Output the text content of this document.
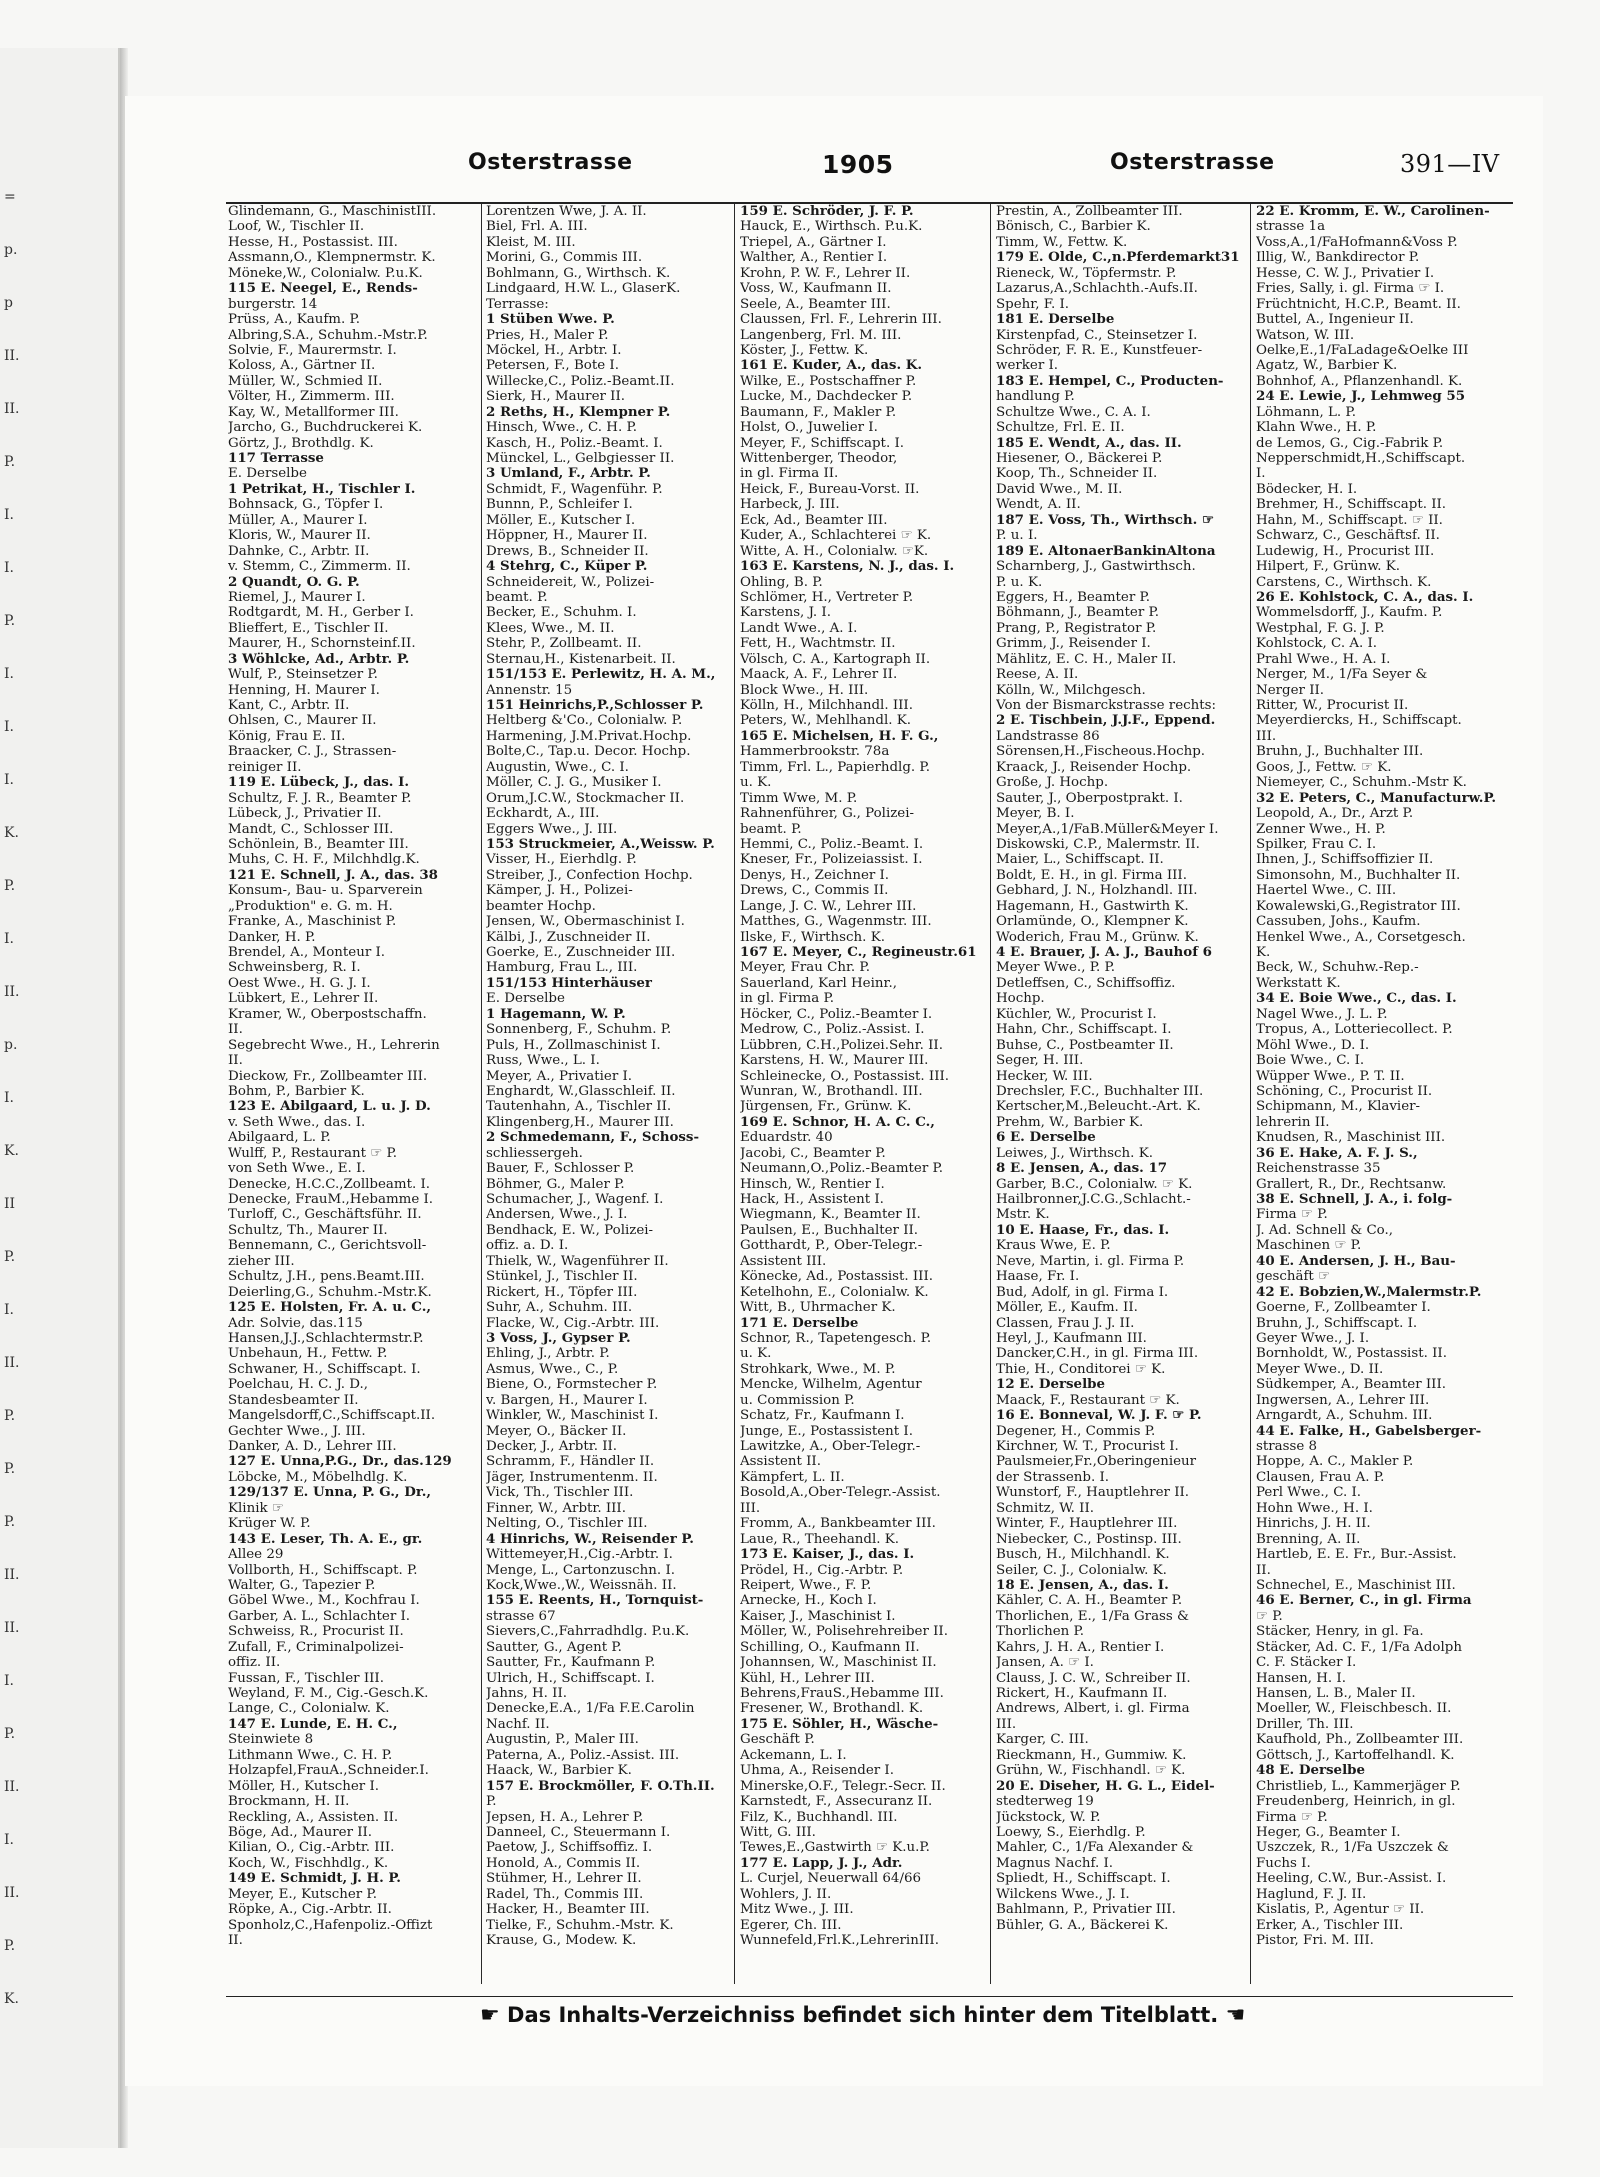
=
p.
p
II.
II.
P.
I.
I.
P.
I.
I.
I.
K.
P.
I.
II.
p.
I.
K.
II
P.
I.
II.
P.
P.
P.
II.
II.
I.
P.
II.
I.
II.
P.
K.
Osterstrasse	1905	Osterstrasse	391—IV
Glindemann, G., MaschinistIII.
Loof, W., Tischler II.
Hesse, H., Postassist. III.
Assmann,O., Klempnermstr. K.
Möneke,W., Colonialw. P.u.K.
115 E. Neegel, E., Rends-
burgerstr. 14
Prüss, A., Kaufm. P.
Albring,S.A., Schuhm.-Mstr.P.
Solvie, F., Maurermstr. I.
Koloss, A., Gärtner II.
Müller, W., Schmied II.
Völter, H., Zimmerm. III.
Kay, W., Metallformer III.
Jarcho, G., Buchdruckerei K.
Görtz, J., Brothdlg. K.
117 Terrasse
E. Derselbe
1 Petrikat, H., Tischler I.
Bohnsack, G., Töpfer I.
Müller, A., Maurer I.
Kloris, W., Maurer II.
Dahnke, C., Arbtr. II.
v. Stemm, C., Zimmerm. II.
2 Quandt, O. G. P.
Riemel, J., Maurer I.
Rodtgardt, M. H., Gerber I.
Blieffert, E., Tischler II.
Maurer, H., Schornsteinf.II.
3 Wöhlcke, Ad., Arbtr. P.
Wulf, P., Steinsetzer P.
Henning, H. Maurer I.
Kant, C., Arbtr. II.
Ohlsen, C., Maurer II.
König, Frau E. II.
Braacker, C. J., Strassen-
reiniger II.
119 E. Lübeck, J., das. I.
Schultz, F. J. R., Beamter P.
Lübeck, J., Privatier II.
Mandt, C., Schlosser III.
Schönlein, B., Beamter III.
Muhs, C. H. F., Milchhdlg.K.
121 E. Schnell, J. A., das. 38
Konsum-, Bau- u. Sparverein
„Produktion" e. G. m. H.
Franke, A., Maschinist P.
Danker, H. P.
Brendel, A., Monteur I.
Schweinsberg, R. I.
Oest Wwe., H. G. J. I.
Lübkert, E., Lehrer II.
Kramer, W., Oberpostschaffn.
II.
Segebrecht Wwe., H., Lehrerin
II.
Dieckow, Fr., Zollbeamter III.
Bohm, P., Barbier K.
123 E. Abilgaard, L. u. J. D.
v. Seth Wwe., das. I.
Abilgaard, L. P.
Wulff, P., Restaurant ☞ P.
von Seth Wwe., E. I.
Denecke, H.C.C.,Zollbeamt. I.
Denecke, FrauM.,Hebamme I.
Turloff, C., Geschäftsführ. II.
Schultz, Th., Maurer II.
Bennemann, C., Gerichtsvoll-
zieher III.
Schultz, J.H., pens.Beamt.III.
Deierling,G., Schuhm.-Mstr.K.
125 E. Holsten, Fr. A. u. C.,
Adr. Solvie, das.115
Hansen,J.J.,Schlachtermstr.P.
Unbehaun, H., Fettw. P.
Schwaner, H., Schiffscapt. I.
Poelchau, H. C. J. D.,
Standesbeamter II.
Mangelsdorff,C.,Schiffscapt.II.
Gechter Wwe., J. III.
Danker, A. D., Lehrer III.
127 E. Unna,P.G., Dr., das.129
Löbcke, M., Möbelhdlg. K.
129/137 E. Unna, P. G., Dr.,
Klinik ☞
Krüger W. P.
143 E. Leser, Th. A. E., gr.
Allee 29
Vollborth, H., Schiffscapt. P.
Walter, G., Tapezier P.
Göbel Wwe., M., Kochfrau I.
Garber, A. L., Schlachter I.
Schweiss, R., Procurist II.
Zufall, F., Criminalpolizei-
offiz. II.
Fussan, F., Tischler III.
Weyland, F. M., Cig.-Gesch.K.
Lange, C., Colonialw. K.
147 E. Lunde, E. H. C.,
Steinwiete 8
Lithmann Wwe., C. H. P.
Holzapfel,FrauA.,Schneider.I.
Möller, H., Kutscher I.
Brockmann, H. II.
Reckling, A., Assisten. II.
Böge, Ad., Maurer II.
Kilian, O., Cig.-Arbtr. III.
Koch, W., Fischhdlg., K.
149 E. Schmidt, J. H. P.
Meyer, E., Kutscher P.
Röpke, A., Cig.-Arbtr. II.
Sponholz,C.,Hafenpoliz.-Offizt
II.
Lorentzen Wwe, J. A. II.
Biel, Frl. A. III.
Kleist, M. III.
Morini, G., Commis III.
Bohlmann, G., Wirthsch. K.
Lindgaard, H.W. L., GlaserK.
Terrasse:
1 Stüben Wwe. P.
Pries, H., Maler P.
Möckel, H., Arbtr. I.
Petersen, F., Bote I.
Willecke,C., Poliz.-Beamt.II.
Sierk, H., Maurer II.
2 Reths, H., Klempner P.
Hinsch, Wwe., C. H. P.
Kasch, H., Poliz.-Beamt. I.
Münckel, L., Gelbgiesser II.
3 Umland, F., Arbtr. P.
Schmidt, F., Wagenführ. P.
Bunnn, P., Schleifer I.
Möller, E., Kutscher I.
Höppner, H., Maurer II.
Drews, B., Schneider II.
4 Stehrg, C., Küper P.
Schneidereit, W., Polizei-
beamt. P.
Becker, E., Schuhm. I.
Klees, Wwe., M. II.
Stehr, P., Zollbeamt. II.
Sternau,H., Kistenarbeit. II.
151/153 E. Perlewitz, H. A. M.,
Annenstr. 15
151 Heinrichs,P.,Schlosser P.
Heltberg &'Co., Colonialw. P.
Harmening, J.M.Privat.Hochp.
Bolte,C., Tap.u. Decor. Hochp.
Augustin, Wwe., C. I.
Möller, C. J. G., Musiker I.
Örum,J.C.W., Stockmacher II.
Eckhardt, A., III.
Eggers Wwe., J. III.
153 Struckmeier, A.,Weissw. P.
Visser, H., Eierhdlg. P.
Streiber, J., Confection Hochp.
Kämper, J. H., Polizei-
beamter Hochp.
Jensen, W., Obermaschinist I.
Kälbi, J., Zuschneider II.
Goerke, E., Zuschneider III.
Hamburg, Frau L., III.
151/153 Hinterhäuser
E. Derselbe
1 Hagemann, W. P.
Sonnenberg, F., Schuhm. P.
Puls, H., Zollmaschinist I.
Russ, Wwe., L. I.
Meyer, A., Privatier I.
Enghardt, W.,Glasschleif. II.
Tautenhahn, A., Tischler II.
Klingenberg,H., Maurer III.
2 Schmedemann, F., Schoss-
schliessergeh.
Bauer, F., Schlosser P.
Böhmer, G., Maler P.
Schumacher, J., Wagenf. I.
Andersen, Wwe., J. I.
Bendhack, E. W., Polizei-
offiz. a. D. I.
Thielk, W., Wagenführer II.
Stünkel, J., Tischler II.
Rickert, H., Töpfer III.
Suhr, A., Schuhm. III.
Flacke, W., Cig.-Arbtr. III.
3 Voss, J., Gypser P.
Ehling, J., Arbtr. P.
Asmus, Wwe., C., P.
Biene, O., Formstecher P.
v. Bargen, H., Maurer I.
Winkler, W., Maschinist I.
Meyer, O., Bäcker II.
Decker, J., Arbtr. II.
Schramm, F., Händler II.
Jäger, Instrumentenm. II.
Vick, Th., Tischler III.
Finner, W., Arbtr. III.
Nelting, O., Tischler III.
4 Hinrichs, W., Reisender P.
Wittemeyer,H.,Cig.-Arbtr. I.
Menge, L., Cartonzuschn. I.
Kock,Wwe.,W., Weissnäh. II.
155 E. Reents, H., Tornquist-
strasse 67
Sievers,C.,Fahrradhdlg. P.u.K.
Sautter, G., Agent P.
Sautter, Fr., Kaufmann P.
Ulrich, H., Schiffscapt. I.
Jahns, H. II.
Denecke,E.A., 1/Fa F.E.Carolin
Nachf. II.
Augustin, P., Maler III.
Paterna, A., Poliz.-Assist. III.
Haack, W., Barbier K.
157 E. Brockmöller, F. O.Th.II.
P.
Jepsen, H. A., Lehrer P.
Danneel, C., Steuermann I.
Paetow, J., Schiffsoffiz. I.
Honold, A., Commis II.
Stühmer, H., Lehrer II.
Radel, Th., Commis III.
Hacker, H., Beamter III.
Tielke, F., Schuhm.-Mstr. K.
Krause, G., Modew. K.
159 E. Schröder, J. F. P.
Hauck, E., Wirthsch. P.u.K.
Triepel, A., Gärtner I.
Walther, A., Rentier I.
Krohn, P. W. F., Lehrer II.
Voss, W., Kaufmann II.
Seele, A., Beamter III.
Claussen, Frl. F., Lehrerin III.
Langenberg, Frl. M. III.
Köster, J., Fettw. K.
161 E. Kuder, A., das. K.
Wilke, E., Postschaffner P.
Lucke, M., Dachdecker P.
Baumann, F., Makler P.
Holst, O., Juwelier I.
Meyer, F., Schiffscapt. I.
Wittenberger, Theodor,
in gl. Firma II.
Heick, F., Bureau-Vorst. II.
Harbeck, J. III.
Eck, Ad., Beamter III.
Kuder, A., Schlachterei ☞ K.
Witte, A. H., Colonialw. ☞K.
163 E. Karstens, N. J., das. I.
Ohling, B. P.
Schlömer, H., Vertreter P.
Karstens, J. I.
Landt Wwe., A. I.
Fett, H., Wachtmstr. II.
Völsch, C. A., Kartograph II.
Maack, A. F., Lehrer II.
Block Wwe., H. III.
Kölln, H., Milchhandl. III.
Peters, W., Mehlhandl. K.
165 E. Michelsen, H. F. G.,
Hammerbrookstr. 78a
Timm, Frl. L., Papierhdlg. P.
u. K.
Timm Wwe, M. P.
Rahnenführer, G., Polizei-
beamt. P.
Hemmi, C., Poliz.-Beamt. I.
Kneser, Fr., Polizeiassist. I.
Denys, H., Zeichner I.
Drews, C., Commis II.
Lange, J. C. W., Lehrer III.
Matthes, G., Wagenmstr. III.
Ilske, F., Wirthsch. K.
167 E. Meyer, C., Regineustr.61
Meyer, Frau Chr. P.
Sauerland, Karl Heinr.,
in gl. Firma P.
Höcker, C., Poliz.-Beamter I.
Medrow, C., Poliz.-Assist. I.
Lübbren, C.H.,Polizei.Sehr. II.
Karstens, H. W., Maurer III.
Schleinecke, O., Postassist. III.
Wunran, W., Brothandl. III.
Jürgensen, Fr., Grünw. K.
169 E. Schnor, H. A. C. C.,
Eduardstr. 40
Jacobi, C., Beamter P.
Neumann,O.,Poliz.-Beamter P.
Hinsch, W., Rentier I.
Hack, H., Assistent I.
Wiegmann, K., Beamter II.
Paulsen, E., Buchhalter II.
Gotthardt, P., Ober-Telegr.-
Assistent III.
Könecke, Ad., Postassist. III.
Ketelhohn, E., Colonialw. K.
Witt, B., Uhrmacher K.
171 E. Derselbe
Schnor, R., Tapetengesch. P.
u. K.
Strohkark, Wwe., M. P.
Mencke, Wilhelm, Agentur
u. Commission P.
Schatz, Fr., Kaufmann I.
Junge, E., Postassistent I.
Lawitzke, A., Ober-Telegr.-
Assistent II.
Kämpfert, L. II.
Bosold,A.,Ober-Telegr.-Assist.
III.
Fromm, A., Bankbeamter III.
Laue, R., Theehandl. K.
173 E. Kaiser, J., das. I.
Prödel, H., Cig.-Arbtr. P.
Reipert, Wwe., F. P.
Arnecke, H., Koch I.
Kaiser, J., Maschinist I.
Möller, W., Polisehrehreiber II.
Schilling, O., Kaufmann II.
Johannsen, W., Maschinist II.
Kühl, H., Lehrer III.
Behrens,FrauS.,Hebamme III.
Fresener, W., Brothandl. K.
175 E. Söhler, H., Wäsche-
Geschäft P.
Ackemann, L. I.
Uhma, A., Reisender I.
Minerske,O.F., Telegr.-Secr. II.
Karnstedt, F., Assecuranz II.
Filz, K., Buchhandl. III.
Witt, G. III.
Tewes,E.,Gastwirth ☞ K.u.P.
177 E. Lapp, J. J., Adr.
L. Curjel, Neuerwall 64/66
Wohlers, J. II.
Mitz Wwe., J. III.
Egerer, Ch. III.
Wunnefeld,Frl.K.,LehrerinIII.
Prestin, A., Zollbeamter III.
Bönisch, C., Barbier K.
Timm, W., Fettw. K.
179 E. Olde, C.,n.Pferdemarkt31
Rieneck, W., Töpfermstr. P.
Lazarus,A.,Schlachth.-Aufs.II.
Spehr, F. I.
181 E. Derselbe
Kirstenpfad, C., Steinsetzer I.
Schröder, F. R. E., Kunstfeuer-
werker I.
183 E. Hempel, C., Producten-
handlung P.
Schultze Wwe., C. A. I.
Schultze, Frl. E. II.
185 E. Wendt, A., das. II.
Hiesener, O., Bäckerei P.
Koop, Th., Schneider II.
David Wwe., M. II.
Wendt, A. II.
187 E. Voss, Th., Wirthsch. ☞
P. u. I.
189 E. AltonaerBankinAltona
Scharnberg, J., Gastwirthsch.
P. u. K.
Eggers, H., Beamter P.
Böhmann, J., Beamter P.
Prang, P., Registrator P.
Grimm, J., Reisender I.
Mählitz, E. C. H., Maler II.
Reese, A. II.
Kölln, W., Milchgesch.
Von der Bismarckstrasse rechts:
2 E. Tischbein, J.J.F., Eppend.
Landstrasse 86
Sörensen,H.,Fischeous.Hochp.
Kraack, J., Reisender Hochp.
Große, J. Hochp.
Sauter, J., Oberpostprakt. I.
Meyer, B. I.
Meyer,A.,1/FaB.Müller&Meyer I.
Diskowski, C.P., Malermstr. II.
Maier, L., Schiffscapt. II.
Boldt, E. H., in gl. Firma III.
Gebhard, J. N., Holzhandl. III.
Hagemann, H., Gastwirth K.
Orlamünde, O., Klempner K.
Woderich, Frau M., Grünw. K.
4 E. Brauer, J. A. J., Bauhof 6
Meyer Wwe., P. P.
Detleffsen, C., Schiffsoffiz.
Hochp.
Küchler, W., Procurist I.
Hahn, Chr., Schiffscapt. I.
Buhse, C., Postbeamter II.
Seger, H. III.
Hecker, W. III.
Drechsler, F.C., Buchhalter III.
Kertscher,M.,Beleucht.-Art. K.
Prehm, W., Barbier K.
6 E. Derselbe
Leiwes, J., Wirthsch. K.
8 E. Jensen, A., das. 17
Garber, B.C., Colonialw. ☞ K.
Hailbronner,J.C.G.,Schlacht.-
Mstr. K.
10 E. Haase, Fr., das. I.
Kraus Wwe, E. P.
Neve, Martin, i. gl. Firma P.
Haase, Fr. I.
Bud, Adolf, in gl. Firma I.
Möller, E., Kaufm. II.
Classen, Frau J. J. II.
Heyl, J., Kaufmann III.
Dancker,C.H., in gl. Firma III.
Thie, H., Conditorei ☞ K.
12 E. Derselbe
Maack, F., Restaurant ☞ K.
16 E. Bonneval, W. J. F. ☞ P.
Degener, H., Commis P.
Kirchner, W. T., Procurist I.
Paulsmeier,Fr.,Oberingenieur
der Strassenb. I.
Wunstorf, F., Hauptlehrer II.
Schmitz, W. II.
Winter, F., Hauptlehrer III.
Niebecker, C., Postinsp. III.
Busch, H., Milchhandl. K.
Seiler, C. J., Colonialw. K.
18 E. Jensen, A., das. I.
Kähler, C. A. H., Beamter P.
Thorlichen, E., 1/Fa Grass &
Thorlichen P.
Kahrs, J. H. A., Rentier I.
Jansen, A. ☞ I.
Clauss, J. C. W., Schreiber II.
Rickert, H., Kaufmann II.
Andrews, Albert, i. gl. Firma
III.
Karger, C. III.
Rieckmann, H., Gummiw. K.
Grühn, W., Fischhandl. ☞ K.
20 E. Diseher, H. G. L., Eidel-
stedterweg 19
Jückstock, W. P.
Loewy, S., Eierhdlg. P.
Mahler, C., 1/Fa Alexander &
Magnus Nachf. I.
Spliedt, H., Schiffscapt. I.
Wilckens Wwe., J. I.
Bahlmann, P., Privatier III.
Bühler, G. A., Bäckerei K.
22 E. Kromm, E. W., Carolinen-
strasse 1a
Voss,A.,1/FaHofmann&Voss P.
Illig, W., Bankdirector P.
Hesse, C. W. J., Privatier I.
Fries, Sally, i. gl. Firma ☞ I.
Früchtnicht, H.C.P., Beamt. II.
Buttel, A., Ingenieur II.
Watson, W. III.
Oelke,E.,1/FaLadage&Oelke III
Agatz, W., Barbier K.
Bohnhof, A., Pflanzenhandl. K.
24 E. Lewie, J., Lehmweg 55
Löhmann, L. P.
Klahn Wwe., H. P.
de Lemos, G., Cig.-Fabrik P.
Nepperschmidt,H.,Schiffscapt.
I.
Bödecker, H. I.
Brehmer, H., Schiffscapt. II.
Hahn, M., Schiffscapt. ☞ II.
Schwarz, C., Geschäftsf. II.
Ludewig, H., Procurist III.
Hilpert, F., Grünw. K.
Carstens, C., Wirthsch. K.
26 E. Kohlstock, C. A., das. I.
Wommelsdorff, J., Kaufm. P.
Westphal, F. G. J. P.
Kohlstock, C. A. I.
Prahl Wwe., H. A. I.
Nerger, M., 1/Fa Seyer &
Nerger II.
Ritter, W., Procurist II.
Meyerdiercks, H., Schiffscapt.
III.
Bruhn, J., Buchhalter III.
Goos, J., Fettw. ☞ K.
Niemeyer, C., Schuhm.-Mstr K.
32 E. Peters, C., Manufacturw.P.
Leopold, A., Dr., Arzt P.
Zenner Wwe., H. P.
Spilker, Frau C. I.
Ihnen, J., Schiffsoffizier II.
Simonsohn, M., Buchhalter II.
Haertel Wwe., C. III.
Kowalewski,G.,Registrator III.
Cassuben, Johs., Kaufm.
Henkel Wwe., A., Corsetgesch.
K.
Beck, W., Schuhw.-Rep.-
Werkstatt K.
34 E. Boie Wwe., C., das. I.
Nagel Wwe., J. L. P.
Tropus, A., Lotteriecollect. P.
Möhl Wwe., D. I.
Boie Wwe., C. I.
Wüpper Wwe., P. T. II.
Schöning, C., Procurist II.
Schipmann, M., Klavier-
lehrerin II.
Knudsen, R., Maschinist III.
36 E. Hake, A. F. J. S.,
Reichenstrasse 35
Grallert, R., Dr., Rechtsanw.
38 E. Schnell, J. A., i. folg-
Firma ☞ P.
J. Ad. Schnell & Co.,
Maschinen ☞ P.
40 E. Andersen, J. H., Bau-
geschäft ☞
42 E. Bobzien,W.,Malermstr.P.
Goerne, F., Zollbeamter I.
Bruhn, J., Schiffscapt. I.
Geyer Wwe., J. I.
Bornholdt, W., Postassist. II.
Meyer Wwe., D. II.
Südkemper, A., Beamter III.
Ingwersen, A., Lehrer III.
Arngardt, A., Schuhm. III.
44 E. Falke, H., Gabelsberger-
strasse 8
Hoppe, A. C., Makler P.
Clausen, Frau A. P.
Perl Wwe., C. I.
Hohn Wwe., H. I.
Hinrichs, J. H. II.
Brenning, A. II.
Hartleb, E. E. Fr., Bur.-Assist.
II.
Schnechel, E., Maschinist III.
46 E. Berner, C., in gl. Firma
☞ P.
Stäcker, Henry, in gl. Fa.
Stäcker, Ad. C. F., 1/Fa Adolph
C. F. Stäcker I.
Hansen, H. I.
Hansen, L. B., Maler II.
Moeller, W., Fleischbesch. II.
Driller, Th. III.
Kaufhold, Ph., Zollbeamter III.
Göttsch, J., Kartoffelhandl. K.
48 E. Derselbe
Christlieb, L., Kammerjäger P.
Freudenberg, Heinrich, in gl.
Firma ☞ P.
Heger, G., Beamter I.
Uszczek, R., 1/Fa Uszczek &
Fuchs I.
Heeling, C.W., Bur.-Assist. I.
Haglund, F. J. II.
Kislatis, P., Agentur ☞ II.
Erker, A., Tischler III.
Pistor, Fri. M. III.
☛ Das Inhalts-Verzeichniss befindet sich hinter dem Titelblatt. ☚
